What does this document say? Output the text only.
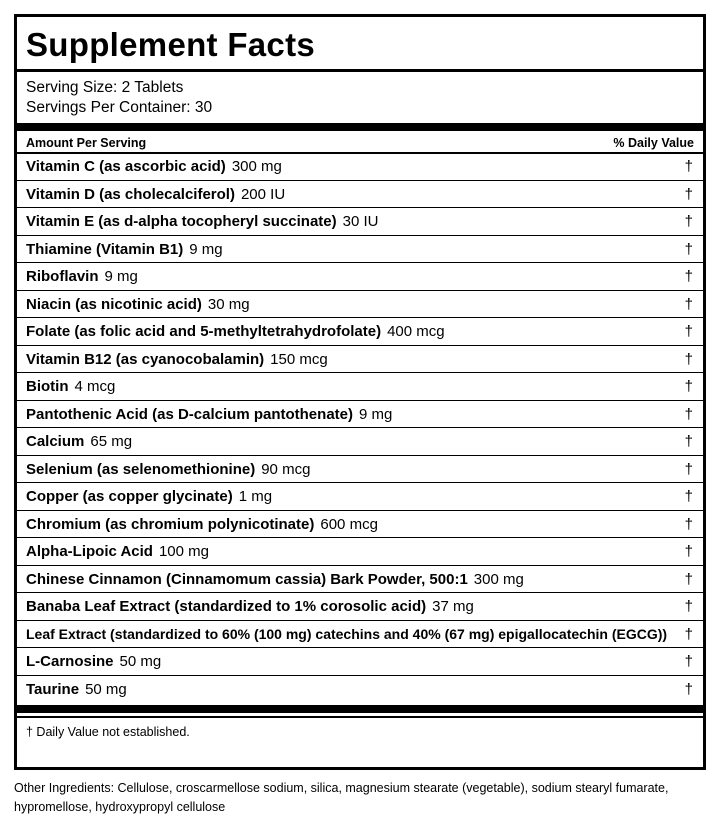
Supplement Facts
Serving Size: 2 Tablets
Servings Per Container: 30
Amount Per Serving	% Daily Value
Vitamin C (as ascorbic acid) 300 mg	†
Vitamin D (as cholecalciferol) 200 IU	†
Vitamin E (as d-alpha tocopheryl succinate) 30 IU	†
Thiamine (Vitamin B1) 9 mg	†
Riboflavin 9 mg	†
Niacin (as nicotinic acid) 30 mg	†
Folate (as folic acid and 5-methyltetrahydrofolate) 400 mcg	†
Vitamin B12 (as cyanocobalamin) 150 mcg	†
Biotin 4 mcg	†
Pantothenic Acid (as D-calcium pantothenate) 9 mg	†
Calcium 65 mg	†
Selenium (as selenomethionine) 90 mcg	†
Copper (as copper glycinate) 1 mg	†
Chromium (as chromium polynicotinate) 600 mcg	†
Alpha-Lipoic Acid 100 mg	†
Chinese Cinnamon (Cinnamomum cassia) Bark Powder, 500:1 300 mg	†
Banaba Leaf Extract (standardized to 1% corosolic acid) 37 mg	†
Leaf Extract (standardized to 60% (100 mg) catechins and 40% (67 mg) epigallocatechin (EGCG)) †
L-Carnosine 50 mg	†
Taurine 50 mg	†
† Daily Value not established.
Other Ingredients: Cellulose, croscarmellose sodium, silica, magnesium stearate (vegetable), sodium stearyl fumarate, hypromellose, hydroxypropyl cellulose
